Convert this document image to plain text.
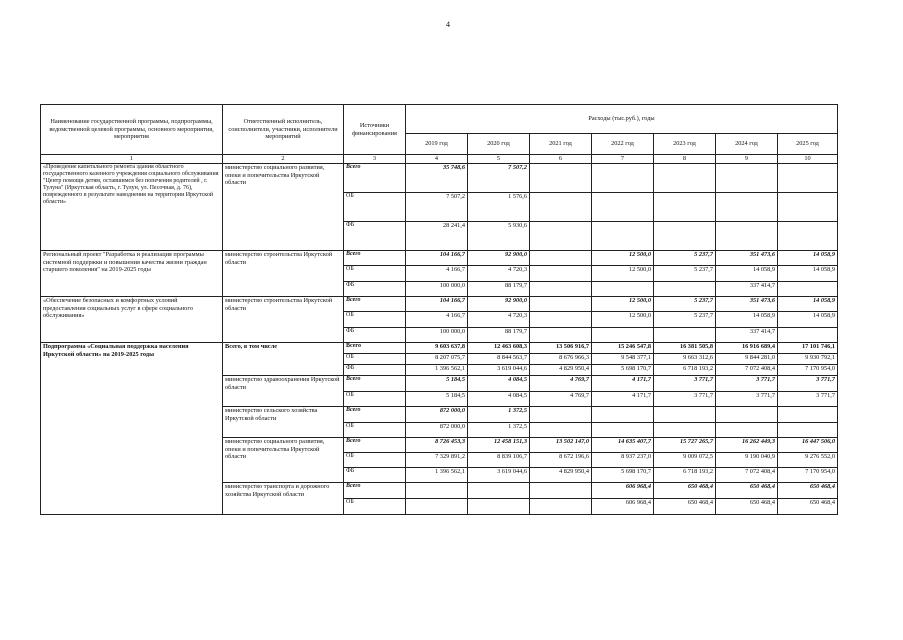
4
Наименование государственной программы, подпрограммы, ведомственной целевой программы, основного мероприятия, мероприятия	Ответственный исполнитель, соисполнители, участники, исполнители мероприятий	Источники финансирования	Расходы (тыс.руб.), годы						
			2019 год	2020 год	2021 год	2022 год	2023 год	2024 год	2025 год
1	2	3	4	5	6	7	8	9	10
«Проведение капитального ремонта здания областного государственного казенного учреждения социального обслуживания "Центр помощи детям, оставшимся без попечения родителей , г. Тулуна" (Иркутская область, г. Тулун, ул. Песочная, д. 76), поврежденного в результате наводнения на территории Иркутской области»	министерство социального развития, опеки и попечительства Иркутской области	Всего	35 748,6	7 507,2					
		ОБ	7 507,2	1 576,6					
		ФБ	28 241,4	5 930,6					
Региональный проект "Разработка и реализация программы системной поддержки и повышения качества жизни граждан старшего поколения" на 2019-2025 годы	министерство строительства Иркутской области	Всего	104 166,7	92 900,0		12 500,0	5 237,7	351 473,6	14 058,9
		ОБ	4 166,7	4 720,3		12 500,0	5 237,7	14 058,9	14 058,9
		ФБ	100 000,0	88 179,7				337 414,7	
«Обеспечение безопасных и комфортных условий предоставления социальных услуг в сфере социального обслуживания»	министерство строительства Иркутской области	Всего	104 166,7	92 900,0		12 500,0	5 237,7	351 473,6	14 058,9
		ОБ	4 166,7	4 720,3		12 500,0	5 237,7	14 058,9	14 058,9
		ФБ	100 000,0	88 179,7				337 414,7	
Подпрограмма «Социальная поддержка населения Иркутской области» на 2019-2025 годы	Всего, в том числе	Всего	9 603 637,8	12 463 608,3	13 506 916,7	15 246 547,8	16 381 505,8	16 916 689,4	17 101 746,1
		ОБ	8 207 075,7	8 844 563,7	8 676 966,3	9 548 377,1	9 663 312,6	9 844 281,0	9 930 792,1
		ФБ	1 396 562,1	3 619 044,6	4 829 950,4	5 698 170,7	6 718 193,2	7 072 408,4	7 170 954,0
	министерство здравоохранения Иркутской области	Всего	5 184,5	4 084,5	4 769,7	4 171,7	3 771,7	3 771,7	3 771,7
		ОБ	5 184,5	4 084,5	4 769,7	4 171,7	3 771,7	3 771,7	3 771,7
	министерство сельского хозяйства Иркутской области	Всего	872 000,0	1 372,5					
		ОБ	872 000,0	1 372,5					
	министерство социального развития, опеки и попечительства Иркутской области	Всего	8 726 453,3	12 458 151,3	13 502 147,0	14 635 407,7	15 727 265,7	16 262 449,3	16 447 506,0
		ОБ	7 329 891,2	8 839 106,7	8 672 196,6	8 937 237,0	9 009 072,5	9 190 040,9	9 276 552,0
		ФБ	1 396 562,1	3 619 044,6	4 829 950,4	5 698 170,7	6 718 193,2	7 072 408,4	7 170 954,0
	министерство транспорта и дорожного хозяйства Иркутской области	Всего				606 968,4	650 468,4	650 468,4	650 468,4
		ОБ				606 968,4	650 468,4	650 468,4	650 468,4
